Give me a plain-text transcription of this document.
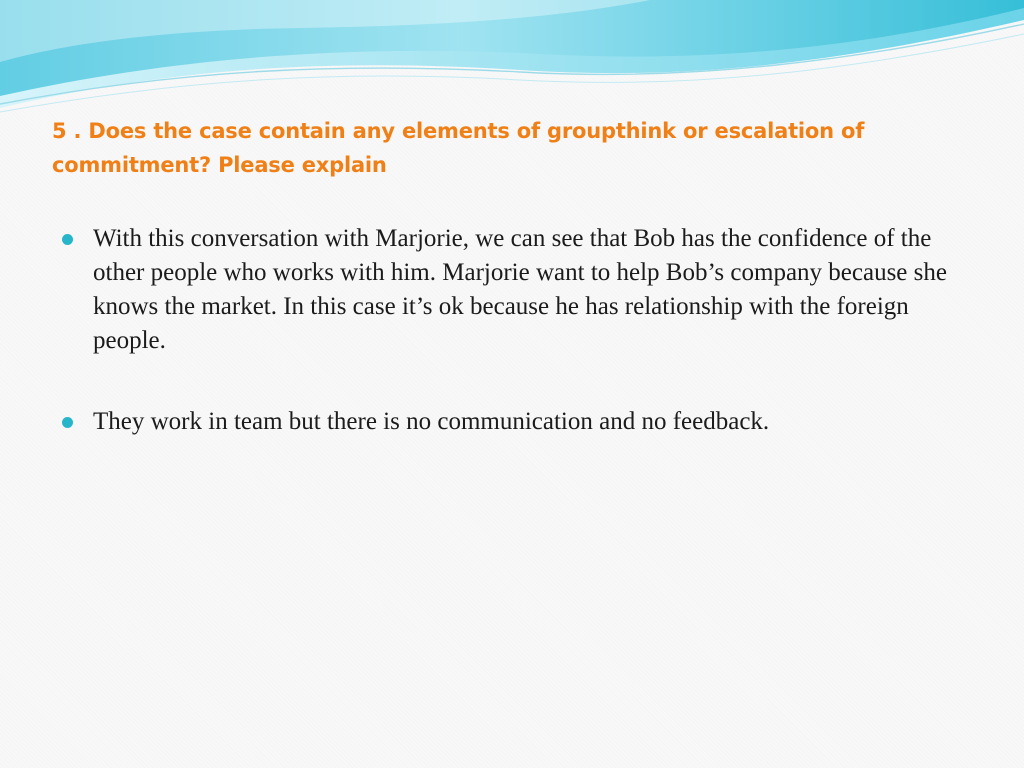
5 . Does the case contain any elements of groupthink or escalation of commitment? Please explain
With this conversation with Marjorie, we can see that Bob has the confidence of the other people who works with him. Marjorie want to help Bob’s company because she knows the market. In this case it’s ok because he has relationship with the foreign people.
They work in team but there is no communication and no feedback.
